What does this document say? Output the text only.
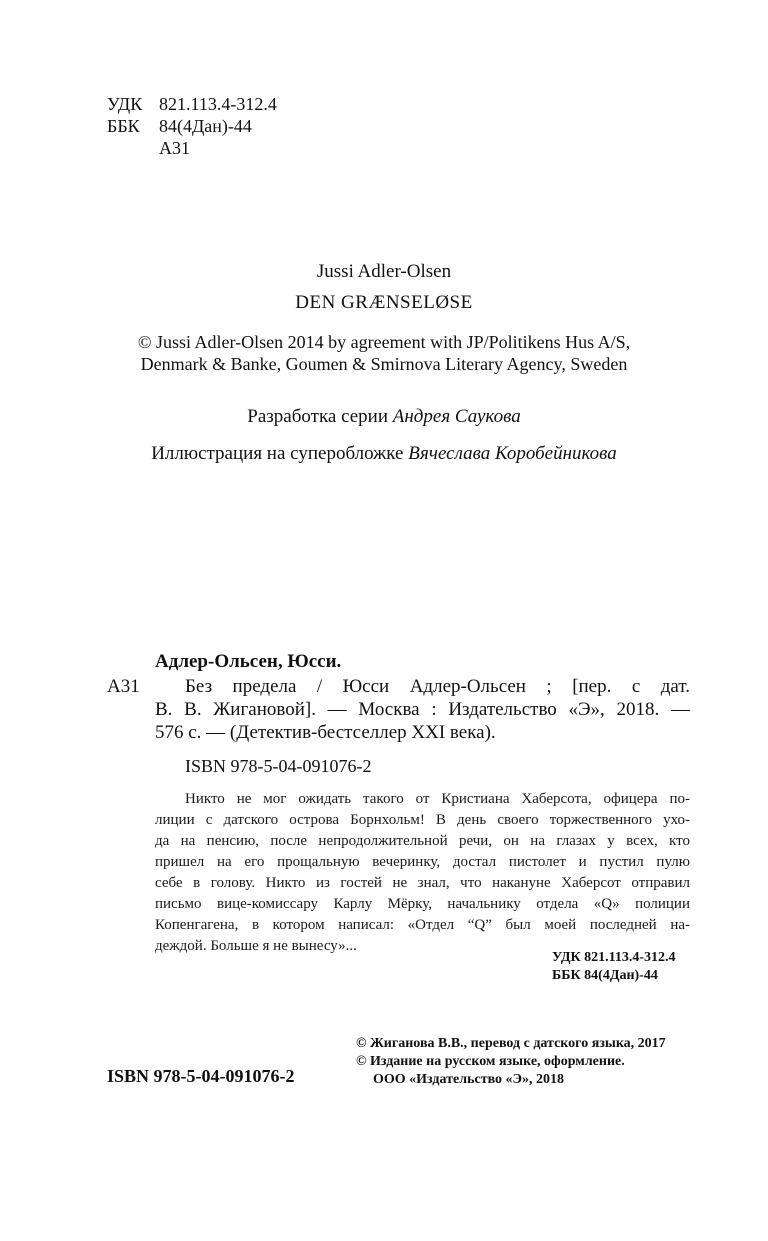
УДК 821.113.4-312.4
ББК 84(4Дан)-44
А31
Jussi Adler-Olsen
DEN GRÆNSELØSE
© Jussi Adler-Olsen 2014 by agreement with JP/Politikens Hus A/S,
Denmark & Banke, Goumen & Smirnova Literary Agency, Sweden
Разработка серии Андрея Саукова
Иллюстрация на суперобложке Вячеслава Коробейникова
Адлер-Ольсен, Юсси.
А31 Без предела / Юсси Адлер-Ольсен ; [пер. с дат.
В. В. Жигановой]. — Москва : Издательство «Э», 2018. —
576 с. — (Детектив-бестселлер XXI века).
ISBN 978-5-04-091076-2
Никто не мог ожидать такого от Кристиана Хаберсота, офицера по-
лиции с датского острова Борнхольм! В день своего торжественного ухо-
да на пенсию, после непродолжительной речи, он на глазах у всех, кто
пришел на его прощальную вечеринку, достал пистолет и пустил пулю
себе в голову. Никто из гостей не знал, что накануне Хаберсот отправил
письмо вице-комиссару Карлу Мёрку, начальнику отдела «Q» полиции
Копенгагена, в котором написал: «Отдел “Q” был моей последней на-
деждой. Больше я не вынесу»...
УДК 821.113.4-312.4
ББК 84(4Дан)-44
© Жиганова В.В., перевод с датского языка, 2017
© Издание на русском языке, оформление.
ООО «Издательство «Э», 2018
ISBN 978-5-04-091076-2
